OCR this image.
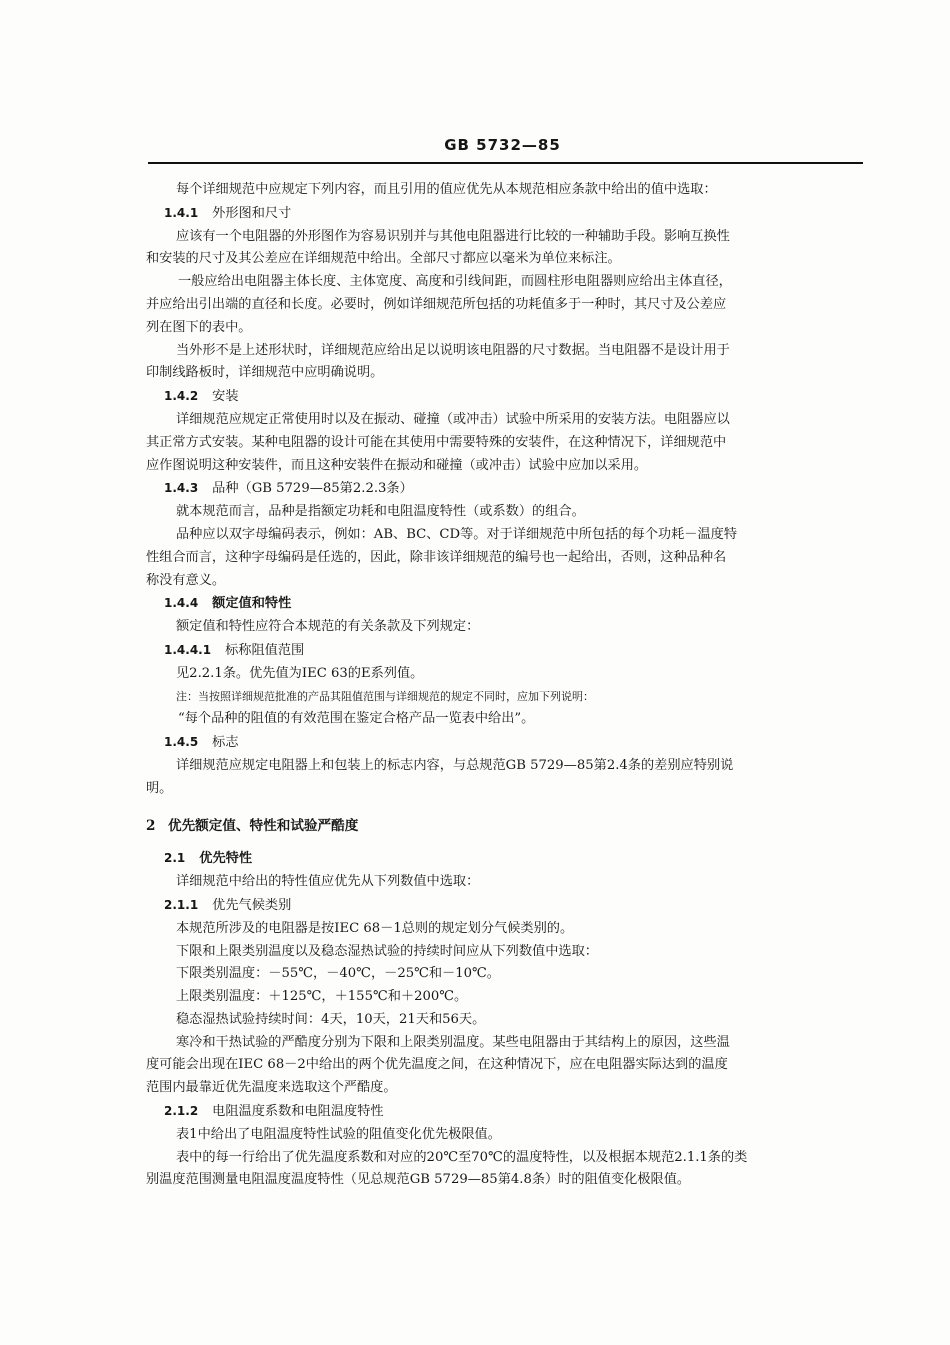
GB 5732—85
每个详细规范中应规定下列内容，而且引用的值应优先从本规范相应条款中给出的值中选取：
1.4.1 外形图和尺寸
应该有一个电阻器的外形图作为容易识别并与其他电阻器进行比较的一种辅助手段。影响互换性
和安装的尺寸及其公差应在详细规范中给出。全部尺寸都应以毫米为单位来标注。
一般应给出电阻器主体长度、主体宽度、高度和引线间距，而圆柱形电阻器则应给出主体直径，
并应给出引出端的直径和长度。必要时，例如详细规范所包括的功耗值多于一种时，其尺寸及公差应
列在图下的表中。
当外形不是上述形状时，详细规范应给出足以说明该电阻器的尺寸数据。当电阻器不是设计用于
印制线路板时，详细规范中应明确说明。
1.4.2 安装
详细规范应规定正常使用时以及在振动、碰撞（或冲击）试验中所采用的安装方法。电阻器应以
其正常方式安装。某种电阻器的设计可能在其使用中需要特殊的安装件，在这种情况下，详细规范中
应作图说明这种安装件，而且这种安装件在振动和碰撞（或冲击）试验中应加以采用。
1.4.3 品种（GB 5729—85第2.2.3条）
就本规范而言，品种是指额定功耗和电阻温度特性（或系数）的组合。
品种应以双字母编码表示，例如：AB、BC、CD等。对于详细规范中所包括的每个功耗－温度特
性组合而言，这种字母编码是任选的，因此，除非该详细规范的编号也一起给出，否则，这种品种名
称没有意义。
1.4.4 额定值和特性
额定值和特性应符合本规范的有关条款及下列规定：
1.4.4.1 标称阻值范围
见2.2.1条。优先值为IEC 63的E系列值。
注：当按照详细规范批准的产品其阻值范围与详细规范的规定不同时，应加下列说明：
“每个品种的阻值的有效范围在鉴定合格产品一览表中给出”。
1.4.5 标志
详细规范应规定电阻器上和包装上的标志内容，与总规范GB 5729—85第2.4条的差别应特别说
明。
2 优先额定值、特性和试验严酷度
2.1 优先特性
详细规范中给出的特性值应优先从下列数值中选取：
2.1.1 优先气候类别
本规范所涉及的电阻器是按IEC 68－1总则的规定划分气候类别的。
下限和上限类别温度以及稳态湿热试验的持续时间应从下列数值中选取：
下限类别温度：－55℃，－40℃，－25℃和－10℃。
上限类别温度：＋125℃，＋155℃和＋200℃。
稳态湿热试验持续时间：4天，10天，21天和56天。
寒冷和干热试验的严酷度分别为下限和上限类别温度。某些电阻器由于其结构上的原因，这些温
度可能会出现在IEC 68－2中给出的两个优先温度之间，在这种情况下，应在电阻器实际达到的温度
范围内最靠近优先温度来选取这个严酷度。
2.1.2 电阻温度系数和电阻温度特性
表1中给出了电阻温度特性试验的阻值变化优先极限值。
表中的每一行给出了优先温度系数和对应的20℃至70℃的温度特性，以及根据本规范2.1.1条的类
别温度范围测量电阻温度温度特性（见总规范GB 5729—85第4.8条）时的阻值变化极限值。
